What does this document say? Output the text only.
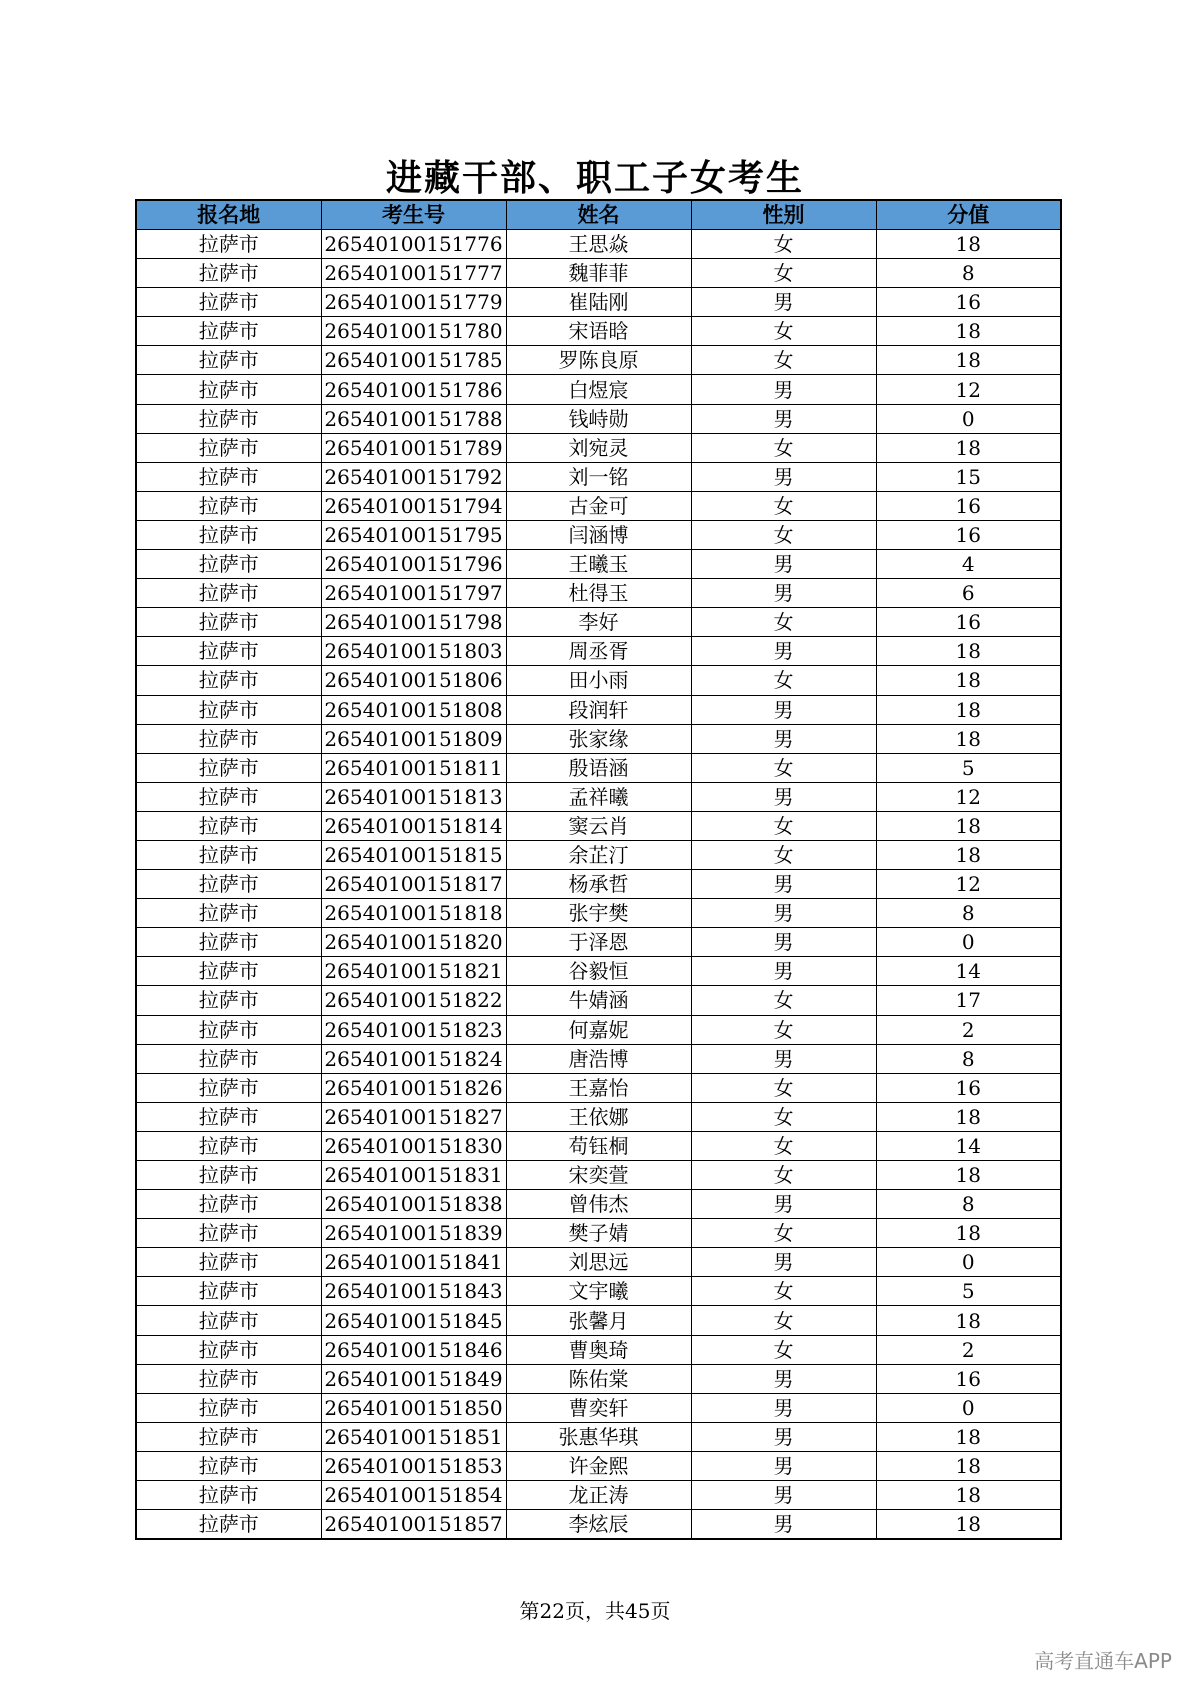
进藏干部、职工子女考生
报名地	考生号	姓名	性别	分值
拉萨市	26540100151776	王思焱	女	18
拉萨市	26540100151777	魏菲菲	女	8
拉萨市	26540100151779	崔陆刚	男	16
拉萨市	26540100151780	宋语晗	女	18
拉萨市	26540100151785	罗陈良原	女	18
拉萨市	26540100151786	白煜宸	男	12
拉萨市	26540100151788	钱峙勋	男	0
拉萨市	26540100151789	刘宛灵	女	18
拉萨市	26540100151792	刘一铭	男	15
拉萨市	26540100151794	古金可	女	16
拉萨市	26540100151795	闫涵博	女	16
拉萨市	26540100151796	王曦玉	男	4
拉萨市	26540100151797	杜得玉	男	6
拉萨市	26540100151798	李好	女	16
拉萨市	26540100151803	周丞胥	男	18
拉萨市	26540100151806	田小雨	女	18
拉萨市	26540100151808	段润轩	男	18
拉萨市	26540100151809	张家缘	男	18
拉萨市	26540100151811	殷语涵	女	5
拉萨市	26540100151813	孟祥曦	男	12
拉萨市	26540100151814	窦云肖	女	18
拉萨市	26540100151815	余芷汀	女	18
拉萨市	26540100151817	杨承哲	男	12
拉萨市	26540100151818	张宇樊	男	8
拉萨市	26540100151820	于泽恩	男	0
拉萨市	26540100151821	谷毅恒	男	14
拉萨市	26540100151822	牛婧涵	女	17
拉萨市	26540100151823	何嘉妮	女	2
拉萨市	26540100151824	唐浩博	男	8
拉萨市	26540100151826	王嘉怡	女	16
拉萨市	26540100151827	王依娜	女	18
拉萨市	26540100151830	苟钰桐	女	14
拉萨市	26540100151831	宋奕萱	女	18
拉萨市	26540100151838	曾伟杰	男	8
拉萨市	26540100151839	樊子婧	女	18
拉萨市	26540100151841	刘思远	男	0
拉萨市	26540100151843	文宇曦	女	5
拉萨市	26540100151845	张馨月	女	18
拉萨市	26540100151846	曹奥琦	女	2
拉萨市	26540100151849	陈佑棠	男	16
拉萨市	26540100151850	曹奕轩	男	0
拉萨市	26540100151851	张惠华琪	男	18
拉萨市	26540100151853	许金熙	男	18
拉萨市	26540100151854	龙正涛	男	18
拉萨市	26540100151857	李炫辰	男	18
第22页，共45页
高考直通车APP
